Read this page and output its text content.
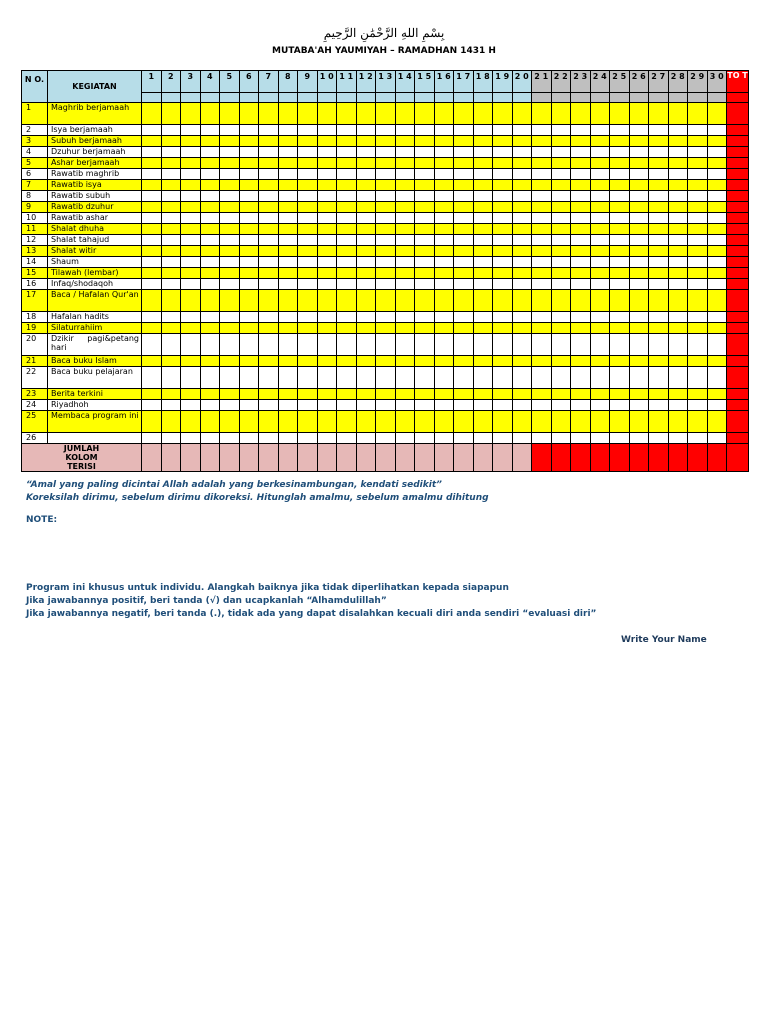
بِسْمِ اللهِ الرَّحْمَٰنِ الرَّحِيمِ
MUTABA'AH YAUMIYAH – RAMADHAN 1431 H
N O.	KEGIATAN	1	2	3	4	5	6	7	8	9	1 0	1 1	1 2	1 3	1 4	1 5	1 6	1 7	1 8	1 9	2 0	2 1	2 2	2 3	2 4	2 5	2 6	2 7	2 8	2 9	3 0	TO T

1	Maghrib berjamaah																															
2	Isya berjamaah																															
3	Subuh berjamaah																															
4	Dzuhur berjamaah																															
5	Ashar berjamaah																															
6	Rawatib maghrib																															
7	Rawatib isya																															
8	Rawatib subuh																															
9	Rawatib dzuhur																															
10	Rawatib ashar																															
11	Shalat dhuha																															
12	Shalat tahajud																															
13	Shalat witir																															
14	Shaum																															
15	Tilawah (lembar)																															
16	Infaq/shodaqoh																															
17	Baca / Hafalan Qur'an																															
18	Hafalan hadits																															
19	Silaturrahiim																															
20	Dzikir pagi&petang hari																															
21	Baca buku Islam																															
22	Baca buku pelajaran																															
23	Berita terkini																															
24	Riyadhoh																															
25	Membaca program ini																															
26																																
JUMLAH KOLOM TERISI																																
“Amal yang paling dicintai Allah adalah yang berkesinambungan, kendati sedikit”
Koreksilah dirimu, sebelum dirimu dikoreksi. Hitunglah amalmu, sebelum amalmu dihitung
NOTE:
Program ini khusus untuk individu. Alangkah baiknya jika tidak diperlihatkan kepada siapapun
Jika jawabannya positif, beri tanda (√) dan ucapkanlah “Alhamdulillah”
Jika jawabannya negatif, beri tanda (.), tidak ada yang dapat disalahkan kecuali diri anda sendiri “evaluasi diri”
Write Your Name
